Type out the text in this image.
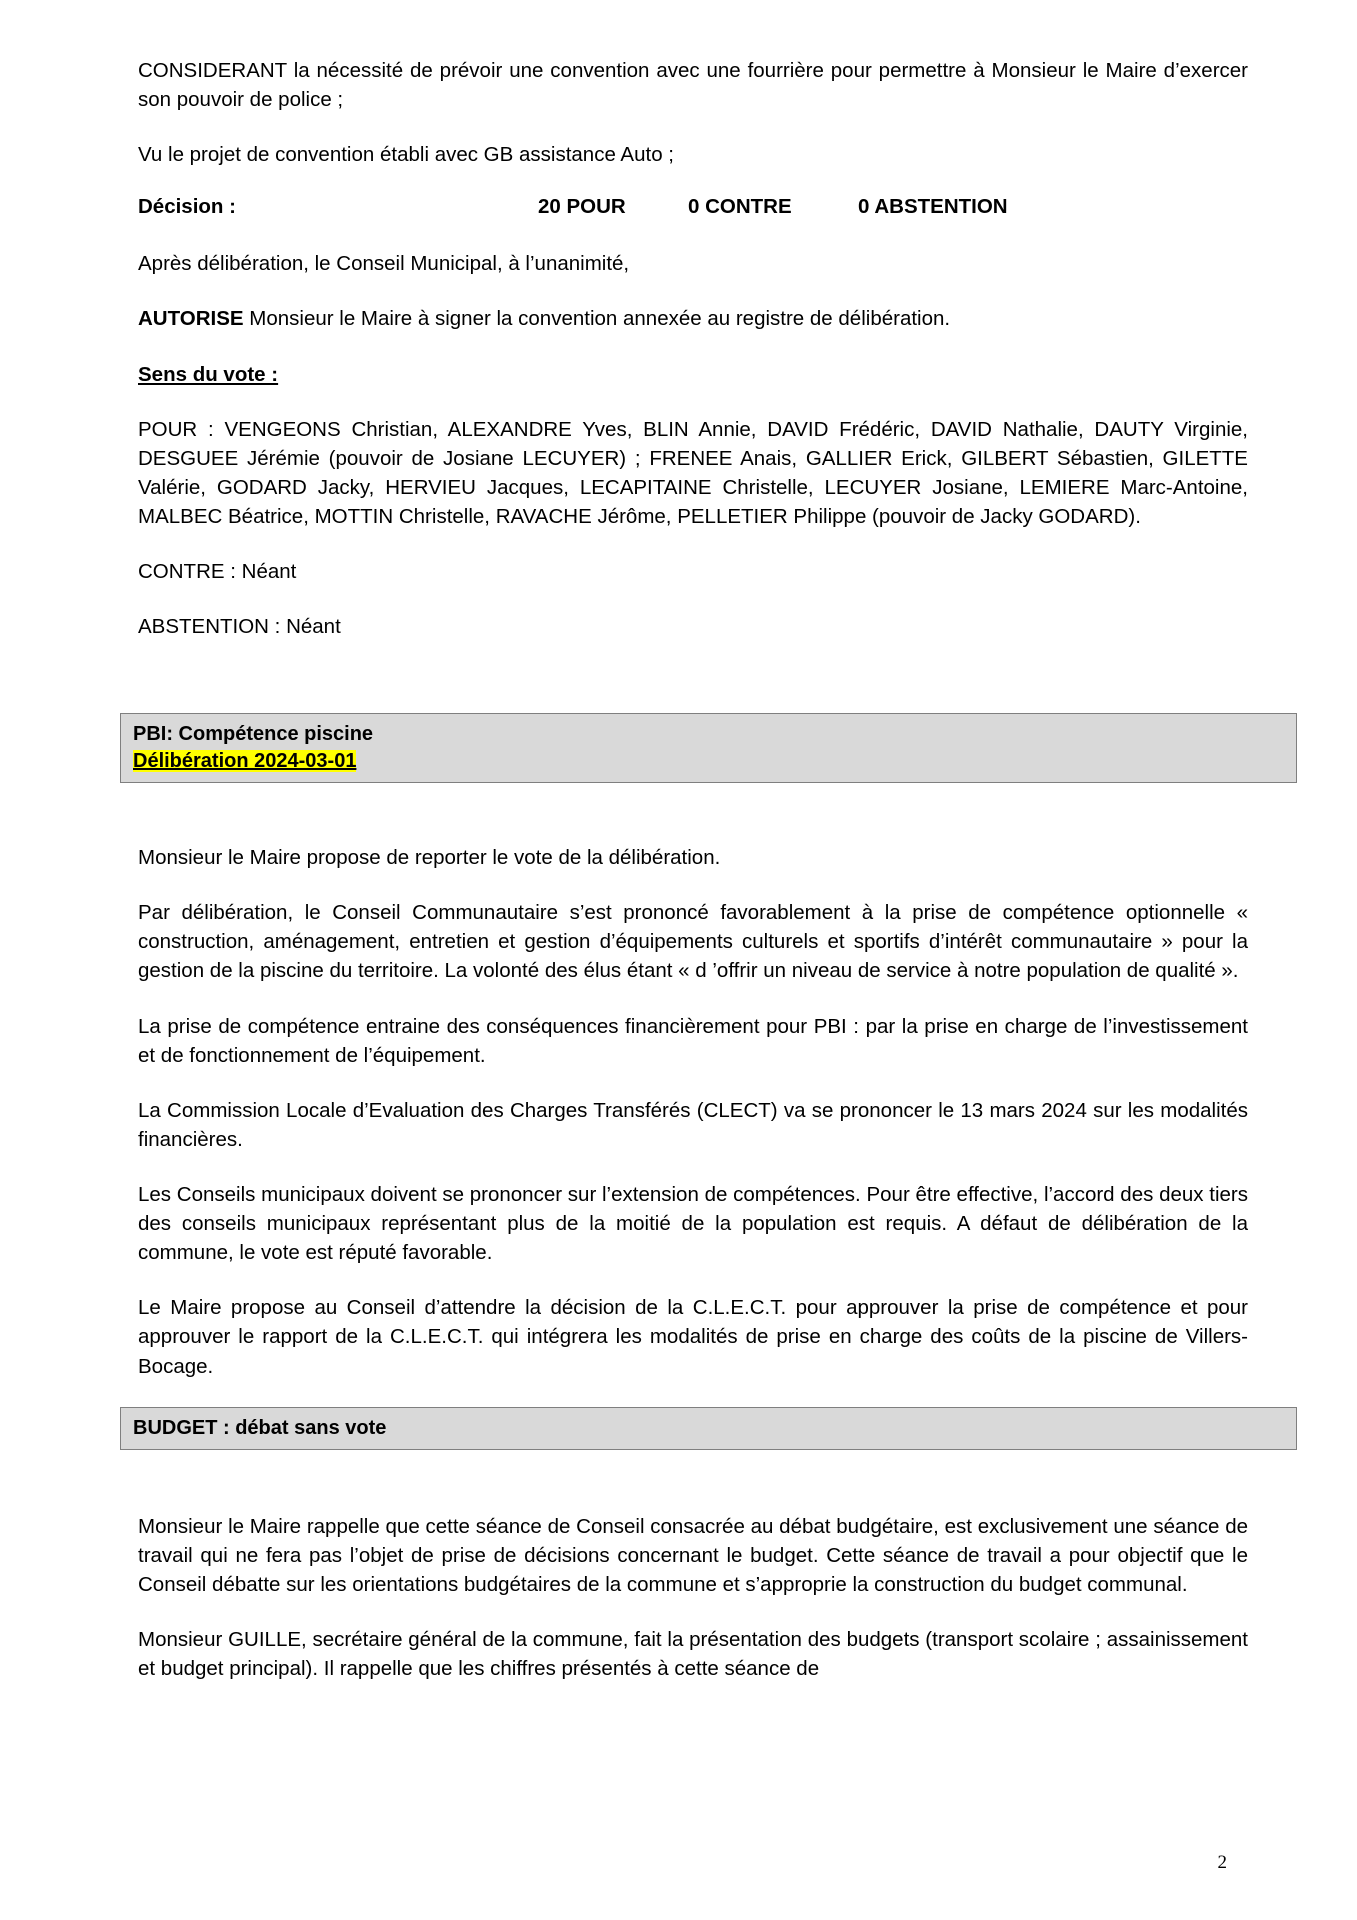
CONSIDERANT la nécessité de prévoir une convention avec une fourrière pour permettre à Monsieur le Maire d’exercer son pouvoir de police ;

Vu le projet de convention établi avec GB assistance Auto ;

Décision :	20 POUR	0 CONTRE	0 ABSTENTION

Après délibération, le Conseil Municipal, à l’unanimité,

AUTORISE Monsieur le Maire à signer la convention annexée au registre de délibération.

Sens du vote :

POUR : VENGEONS Christian, ALEXANDRE Yves, BLIN Annie, DAVID Frédéric, DAVID Nathalie, DAUTY Virginie, DESGUEE Jérémie (pouvoir de Josiane LECUYER) ; FRENEE Anais, GALLIER Erick, GILBERT Sébastien, GILETTE Valérie, GODARD Jacky, HERVIEU Jacques, LECAPITAINE Christelle, LECUYER Josiane, LEMIERE Marc-Antoine, MALBEC Béatrice, MOTTIN Christelle, RAVACHE Jérôme, PELLETIER Philippe (pouvoir de Jacky GODARD).

CONTRE : Néant

ABSTENTION : Néant

PBI: Compétence piscine
Délibération 2024-03-01

Monsieur le Maire propose de reporter le vote de la délibération.

Par délibération, le Conseil Communautaire s’est prononcé favorablement à la prise de compétence optionnelle « construction, aménagement, entretien et gestion d’équipements culturels et sportifs d’intérêt communautaire » pour la gestion de la piscine du territoire. La volonté des élus étant « d ’offrir un niveau de service à notre population de qualité ».

La prise de compétence entraine des conséquences financièrement pour PBI : par la prise en charge de l’investissement et de fonctionnement de l’équipement.

La Commission Locale d’Evaluation des Charges Transférés (CLECT) va se prononcer le 13 mars 2024 sur les modalités financières.

Les Conseils municipaux doivent se prononcer sur l’extension de compétences. Pour être effective, l’accord des deux tiers des conseils municipaux représentant plus de la moitié de la population est requis. A défaut de délibération de la commune, le vote est réputé favorable.

Le Maire propose au Conseil d’attendre la décision de la C.L.E.C.T. pour approuver la prise de compétence et pour approuver le rapport de la C.L.E.C.T. qui intégrera les modalités de prise en charge des coûts de la piscine de Villers-Bocage.

BUDGET : débat sans vote

Monsieur le Maire rappelle que cette séance de Conseil consacrée au débat budgétaire, est exclusivement une séance de travail qui ne fera pas l’objet de prise de décisions concernant le budget. Cette séance de travail a pour objectif que le Conseil débatte sur les orientations budgétaires de la commune et s’approprie la construction du budget communal.

Monsieur GUILLE, secrétaire général de la commune, fait la présentation des budgets (transport scolaire ; assainissement et budget principal). Il rappelle que les chiffres présentés à cette séance de

2
